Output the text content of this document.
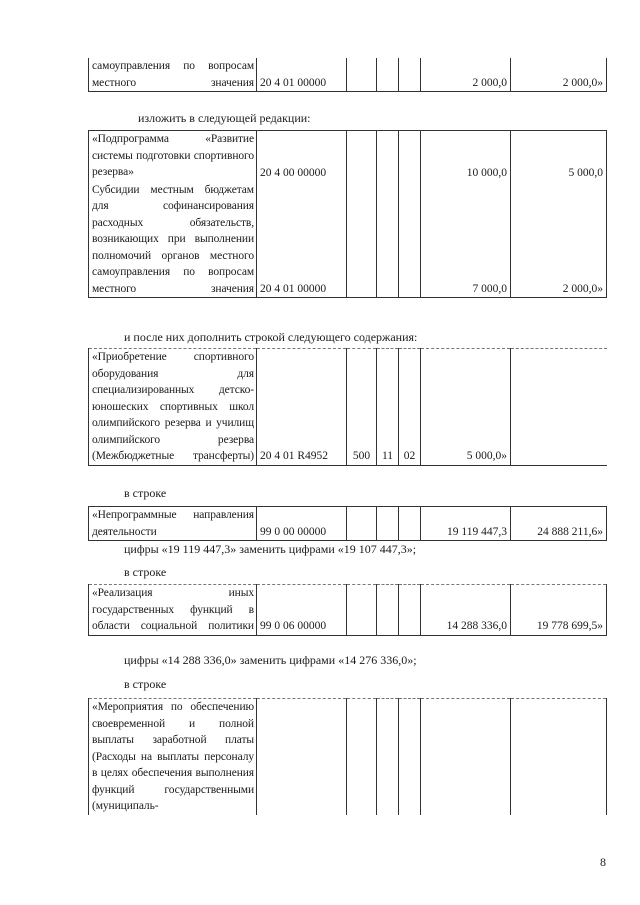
самоуправления по вопросам местного значения	20 4 01 00000				2 000,0	2 000,0»
изложить в следующей редакции:
«Подпрограмма «Развитие системы подготовки спортивного резерва»	20 4 00 00000				10 000,0	5 000,0
Субсидии местным бюджетам для софинансирования расходных обязательств, возникающих при выполнении полномочий органов местного самоуправления по вопросам местного значения	20 4 01 00000				7 000,0	2 000,0»
и после них дополнить строкой следующего содержания:
«Приобретение спортивного оборудования для специализированных детско-юношеских спортивных школ олимпийского резерва и училищ олимпийского резерва (Межбюджетные трансферты)	20 4 01 R4952	500	11	02	5 000,0»	
в строке
«Непрограммные направления деятельности	99 0 00 00000				19 119 447,3	24 888 211,6»
цифры «19 119 447,3» заменить цифрами «19 107 447,3»;
в строке
«Реализация иных государственных функций в области социальной политики	99 0 06 00000				14 288 336,0	19 778 699,5»
цифры «14 288 336,0» заменить цифрами «14 276 336,0»;
в строке
«Мероприятия по обеспечению своевременной и полной выплаты заработной платы (Расходы на выплаты персоналу в целях обеспечения выполнения функций государственными (муниципаль-						
8
